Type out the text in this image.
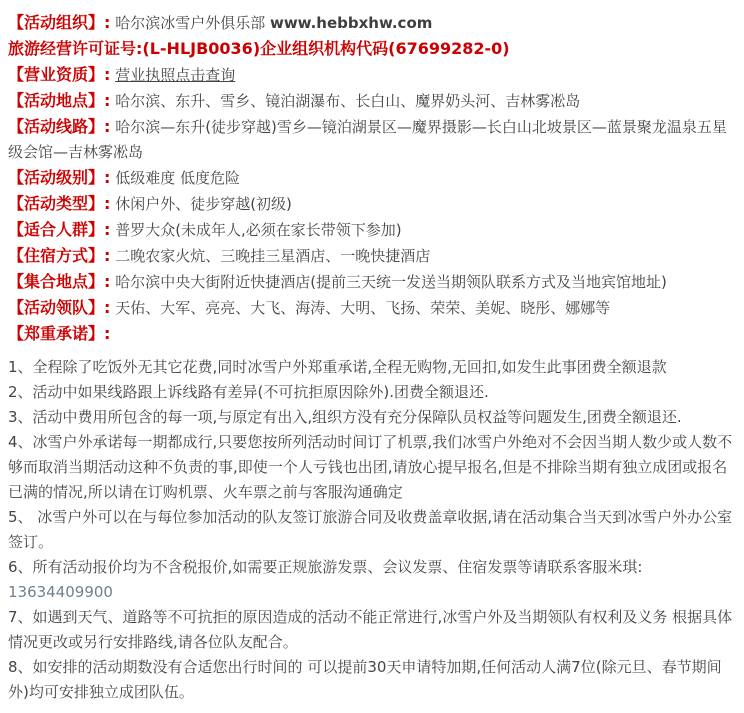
【活动组织】: 哈尔滨冰雪户外俱乐部 www.hebbxhw.com
旅游经营许可证号:(L-HLJB0036)企业组织机构代码(67699282-0)
【营业资质】: 营业执照点击查询
【活动地点】: 哈尔滨、东升、雪乡、镜泊湖瀑布、长白山、魔界奶头河、吉林雾凇岛
【活动线路】: 哈尔滨—东升(徒步穿越)雪乡—镜泊湖景区—魔界摄影—长白山北坡景区—蓝景聚龙温泉五星级会馆—吉林雾凇岛
【活动级别】: 低级难度 低度危险
【活动类型】: 休闲户外、徒步穿越(初级)
【适合人群】: 普罗大众(未成年人,必须在家长带领下参加)
【住宿方式】: 二晚农家火炕、三晚挂三星酒店、一晚快捷酒店
【集合地点】: 哈尔滨中央大街附近快捷酒店(提前三天统一发送当期领队联系方式及当地宾馆地址)
【活动领队】: 天佑、大军、亮亮、大飞、海涛、大明、飞扬、荣荣、美妮、晓彤、娜娜等
【郑重承诺】:

1、全程除了吃饭外无其它花费,同时冰雪户外郑重承诺,全程无购物,无回扣,如发生此事团费全额退款

2、活动中如果线路跟上诉线路有差异(不可抗拒原因除外).团费全额退还.

3、活动中费用所包含的每一项,与原定有出入,组织方没有充分保障队员权益等问题发生,团费全额退还.

4、冰雪户外承诺每一期都成行,只要您按所列活动时间订了机票,我们冰雪户外绝对不会因当期人数少或人数不够而取消当期活动这种不负责的事,即使一个人亏钱也出团,请放心提早报名,但是不排除当期有独立成团或报名已满的情况,所以请在订购机票、火车票之前与客服沟通确定

5、 冰雪户外可以在与每位参加活动的队友签订旅游合同及收费盖章收据,请在活动集合当天到冰雪户外办公室签订。

6、所有活动报价均为不含税报价,如需要正规旅游发票、会议发票、住宿发票等请联系客服米琪: 13634409900

7、如遇到天气、道路等不可抗拒的原因造成的活动不能正常进行,冰雪户外及当期领队有权利及义务 根据具体情况更改或另行安排路线,请各位队友配合。

8、如安排的活动期数没有合适您出行时间的 可以提前30天申请特加期,任何活动人满7位(除元旦、春节期间外)均可安排独立成团队伍。
